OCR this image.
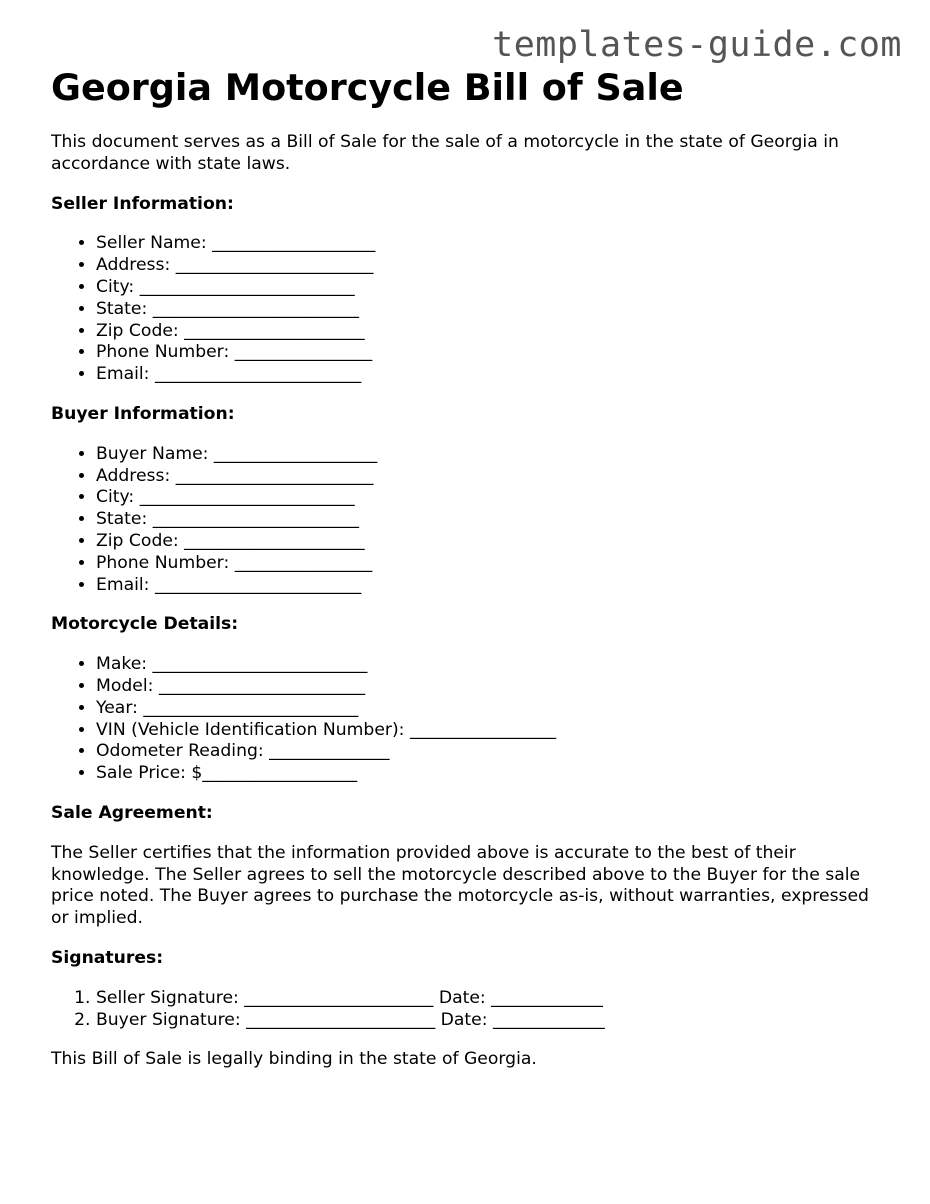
templates-guide.com
Georgia Motorcycle Bill of Sale

This document serves as a Bill of Sale for the sale of a motorcycle in the state of Georgia in accordance with state laws.

Seller Information:
• Seller Name: ___________________
• Address: _______________________
• City: _________________________
• State: ________________________
• Zip Code: _____________________
• Phone Number: ________________
• Email: ________________________
Buyer Information:
• Buyer Name: ___________________
• Address: _______________________
• City: _________________________
• State: ________________________
• Zip Code: _____________________
• Phone Number: ________________
• Email: ________________________
Motorcycle Details:
• Make: _________________________
• Model: ________________________
• Year: _________________________
• VIN (Vehicle Identification Number): _________________
• Odometer Reading: ______________
• Sale Price: $__________________
Sale Agreement:

The Seller certifies that the information provided above is accurate to the best of their knowledge. The Seller agrees to sell the motorcycle described above to the Buyer for the sale price noted. The Buyer agrees to purchase the motorcycle as-is, without warranties, expressed or implied.

Signatures:
1. Seller Signature: ______________________ Date: _____________
2. Buyer Signature: ______________________ Date: _____________

This Bill of Sale is legally binding in the state of Georgia.
